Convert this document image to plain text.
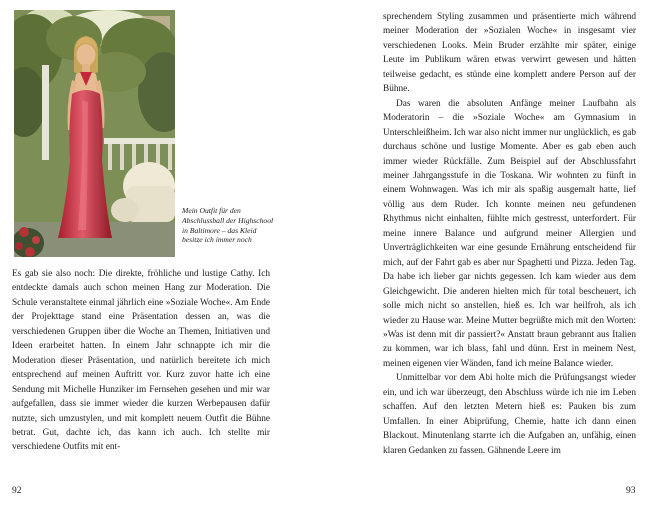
Mein Outfit für den Abschlussball der Highschool in Baltimore – das Kleid besitze ich immer noch

Es gab sie also noch: Die direkte, fröhliche und lustige Cathy. Ich entdeckte damals auch schon meinen Hang zur Moderation. Die Schule veranstaltete einmal jährlich eine »Soziale Woche«. Am Ende der Projekttage stand eine Präsentation dessen an, was die verschiedenen Gruppen über die Woche an Themen, Initiativen und Ideen erarbeitet hatten. In einem Jahr schnappte ich mir die Moderation dieser Präsentation, und natürlich bereitete ich mich entsprechend auf meinen Auftritt vor. Kurz zuvor hatte ich eine Sendung mit Michelle Hunziker im Fernsehen gesehen und mir war aufgefallen, dass sie immer wieder die kurzen Werbepausen dafür nutzte, sich umzustylen, und mit komplett neuem Outfit die Bühne betrat. Gut, dachte ich, das kann ich auch. Ich stellte mir verschiedene Outfits mit ent-

92

sprechendem Styling zusammen und präsentierte mich während meiner Moderation der »Sozialen Woche« in insgesamt vier verschiedenen Looks. Mein Bruder erzählte mir später, einige Leute im Publikum wären etwas verwirrt gewesen und hätten teilweise gedacht, es stünde eine komplett andere Person auf der Bühne.

Das waren die absoluten Anfänge meiner Laufbahn als Moderatorin – die »Soziale Woche« am Gymnasium in Unterschleißheim. Ich war also nicht immer nur unglücklich, es gab durchaus schöne und lustige Momente. Aber es gab eben auch immer wieder Rückfälle. Zum Beispiel auf der Abschlussfahrt meiner Jahrgangsstufe in die Toskana. Wir wohnten zu fünft in einem Wohnwagen. Was ich mir als spaßig ausgemalt hatte, lief völlig aus dem Ruder. Ich konnte meinen neu gefundenen Rhythmus nicht einhalten, fühlte mich gestresst, unterfordert. Für meine innere Balance und aufgrund meiner Allergien und Unverträglichkeiten war eine gesunde Ernährung entscheidend für mich, auf der Fahrt gab es aber nur Spaghetti und Pizza. Jeden Tag. Da habe ich lieber gar nichts gegessen. Ich kam wieder aus dem Gleichgewicht. Die anderen hielten mich für total bescheuert, ich solle mich nicht so anstellen, hieß es. Ich war heilfroh, als ich wieder zu Hause war. Meine Mutter begrüßte mich mit den Worten: »Was ist denn mit dir passiert?« Anstatt braun gebrannt aus Italien zu kommen, war ich blass, fahl und dünn. Erst in meinem Nest, meinen eigenen vier Wänden, fand ich meine Balance wieder.

Unmittelbar vor dem Abi holte mich die Prüfungsangst wieder ein, und ich war überzeugt, den Abschluss würde ich nie im Leben schaffen. Auf den letzten Metern hieß es: Pauken bis zum Umfallen. In einer Abiprüfung, Chemie, hatte ich dann einen Blackout. Minutenlang starrte ich die Aufgaben an, unfähig, einen klaren Gedanken zu fassen. Gähnende Leere im

93
